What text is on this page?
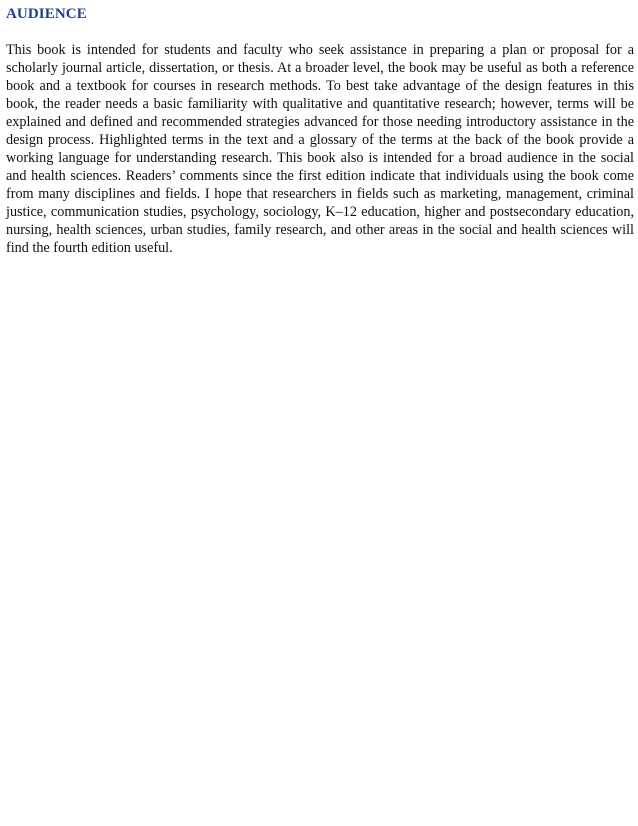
AUDIENCE

This book is intended for students and faculty who seek assistance in preparing a plan or proposal for a scholarly journal article, dissertation, or thesis. At a broader level, the book may be useful as both a reference book and a textbook for courses in research methods. To best take advantage of the design features in this book, the reader needs a basic familiarity with qualitative and quantitative research; however, terms will be explained and defined and recommended strategies advanced for those needing introductory assistance in the design process. Highlighted terms in the text and a glossary of the terms at the back of the book provide a working language for understanding research. This book also is intended for a broad audience in the social and health sciences. Readers’ comments since the first edition indicate that individuals using the book come from many disciplines and fields. I hope that researchers in fields such as marketing, management, criminal justice, communication studies, psychology, sociology, K–12 education, higher and postsecondary education, nursing, health sciences, urban studies, family research, and other areas in the social and health sciences will find the fourth edition useful.
